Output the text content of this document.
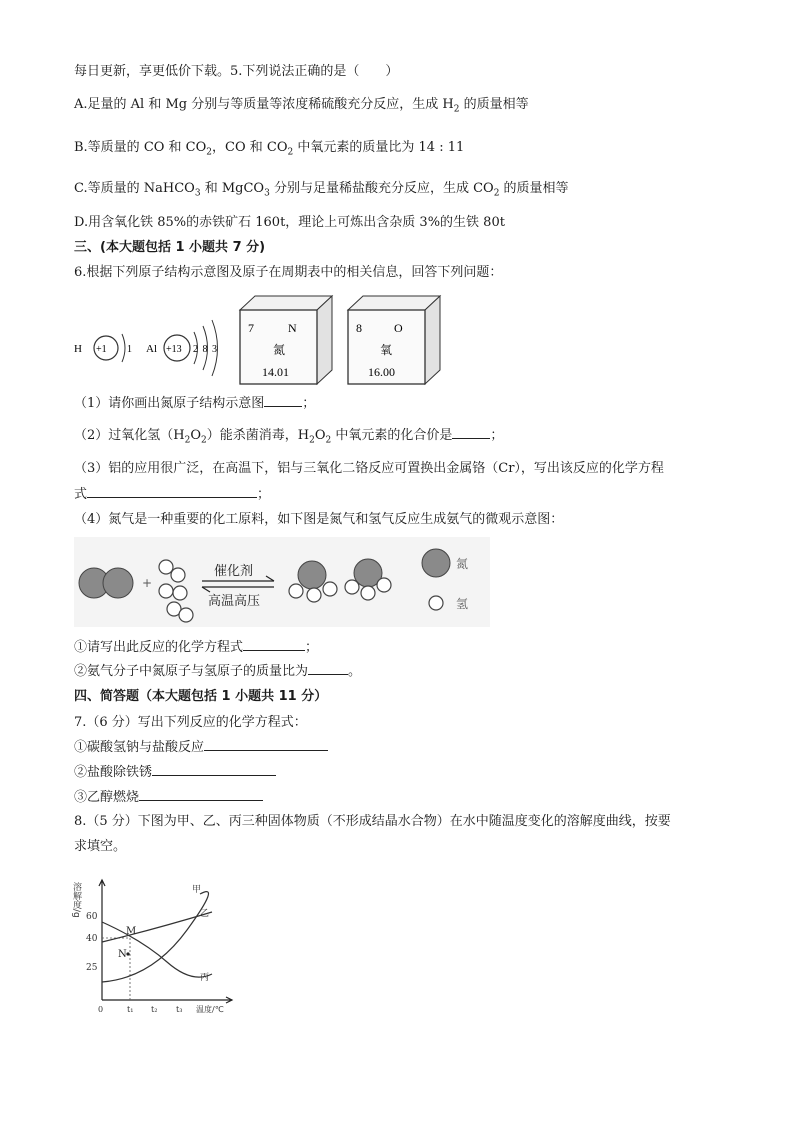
每日更新，享更低价下载。5.下列说法正确的是（　　）
A.足量的 Al 和 Mg 分别与等质量等浓度稀硫酸充分反应，生成 $H_2$ 的质量相等
B.等质量的 CO 和 $CO_2$，CO 和 $CO_2$ 中氧元素的质量比为 14 : 11
C.等质量的 NaHCO$_3$ 和 MgCO$_3$ 分别与足量稀盐酸充分反应，生成 $CO_2$ 的质量相等
D.用含氧化铁 85%的赤铁矿石 160t，理论上可炼出含杂质 3%的生铁 80t
三、(本大题包括 1 小题共 7 分)
6.根据下列原子结构示意图及原子在周期表中的相关信息，回答下列问题：
H +1 1 Al +13 2 8 3
7	N
氮
14.01
8	O
氧
16.00
（1）请你画出氮原子结构示意图	；
（2）过氧化氢$(H_2O_2)$能杀菌消毒，$H_2O_2$ 中氧元素的化合价是	；
（3）铝的应用很广泛，在高温下，铝与三氧化二铬反应可置换出金属铬（Cr），写出该反应的化学方程
式	；
（4）氮气是一种重要的化工原料，如下图是氮气和氢气反应生成氨气的微观示意图：
+
催化剂
高温高压
氮
氢
①请写出此反应的化学方程式	；
②氨气分子中氮原子与氢原子的质量比为	。
四、简答题（本大题包括 1 小题共 11 分）
7.（6 分）写出下列反应的化学方程式：
①碳酸氢钠与盐酸反应
②盐酸除铁锈
③乙醇燃烧
8.（5 分）下图为甲、乙、丙三种固体物质（不形成结晶水合物）在水中随温度变化的溶解度曲线，按要
求填空。
溶解度/g 60
40
25
M
N
甲
乙
丙
0	t₁ t₂ t₃ 温度/℃
